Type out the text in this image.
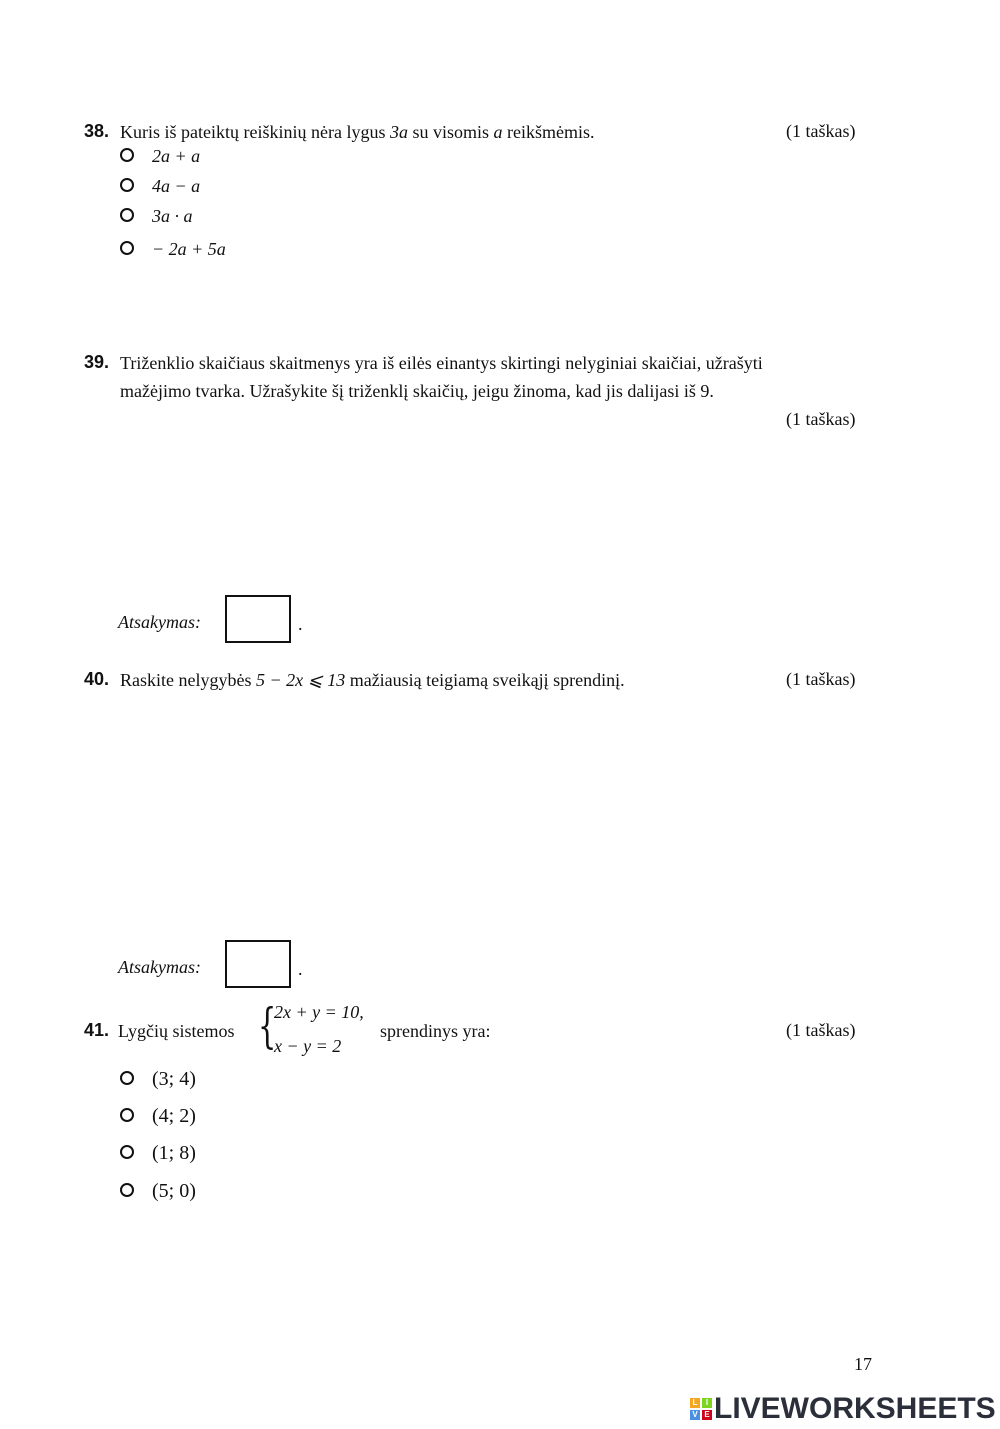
38. Kuris iš pateiktų reiškinių nėra lygus 3a su visomis a reikšmėmis.	(1 taškas)
2a + a
4a − a
3a · a
− 2a + 5a
39. Triženklio skaičiaus skaitmenys yra iš eilės einantys skirtingi nelyginiai skaičiai, užrašyti
mažėjimo tvarka. Užrašykite šį triženklį skaičių, jeigu žinoma, kad jis dalijasi iš 9.
(1 taškas)
Atsakymas:	.
40. Raskite nelygybės 5 − 2x ⩽ 13 mažiausią teigiamą sveikąjį sprendinį.	(1 taškas)
Atsakymas:	.
41. Lygčių sistemos {
2x + y = 10,
x − y = 2
sprendinys yra:	(1 taškas)
(3; 4)
(4; 2)
(1; 8)
(5; 0)
17
L	I
V E LIVEWORKSHEETS
